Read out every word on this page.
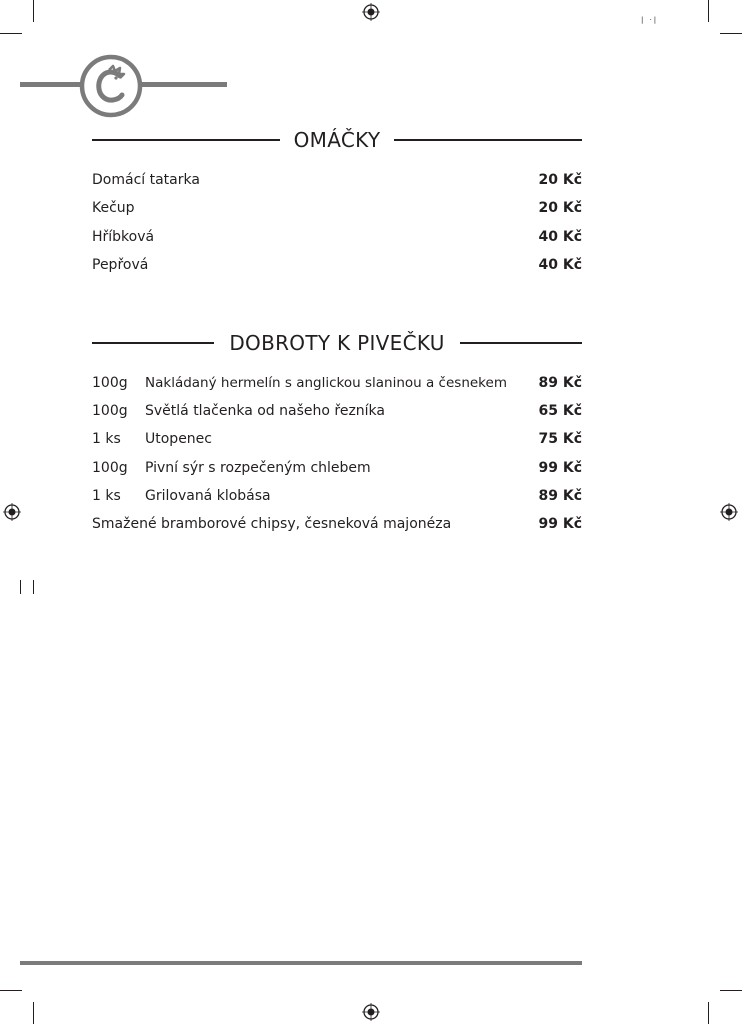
| ·|
OMÁČKY
Domácí tatarka	20 Kč
Kečup	20 Kč
Hříbková	40 Kč
Pepřová	40 Kč
DOBROTY K PIVEČKU
100g Nakládaný hermelín s anglickou slaninou a česnekem 89 Kč
100g Světlá tlačenka od našeho řezníka	65 Kč
1 ks Utopenec	75 Kč
100g Pivní sýr s rozpečeným chlebem	99 Kč
1 ks Grilovaná klobása	89 Kč
Smažené bramborové chipsy, česneková majonéza	99 Kč
